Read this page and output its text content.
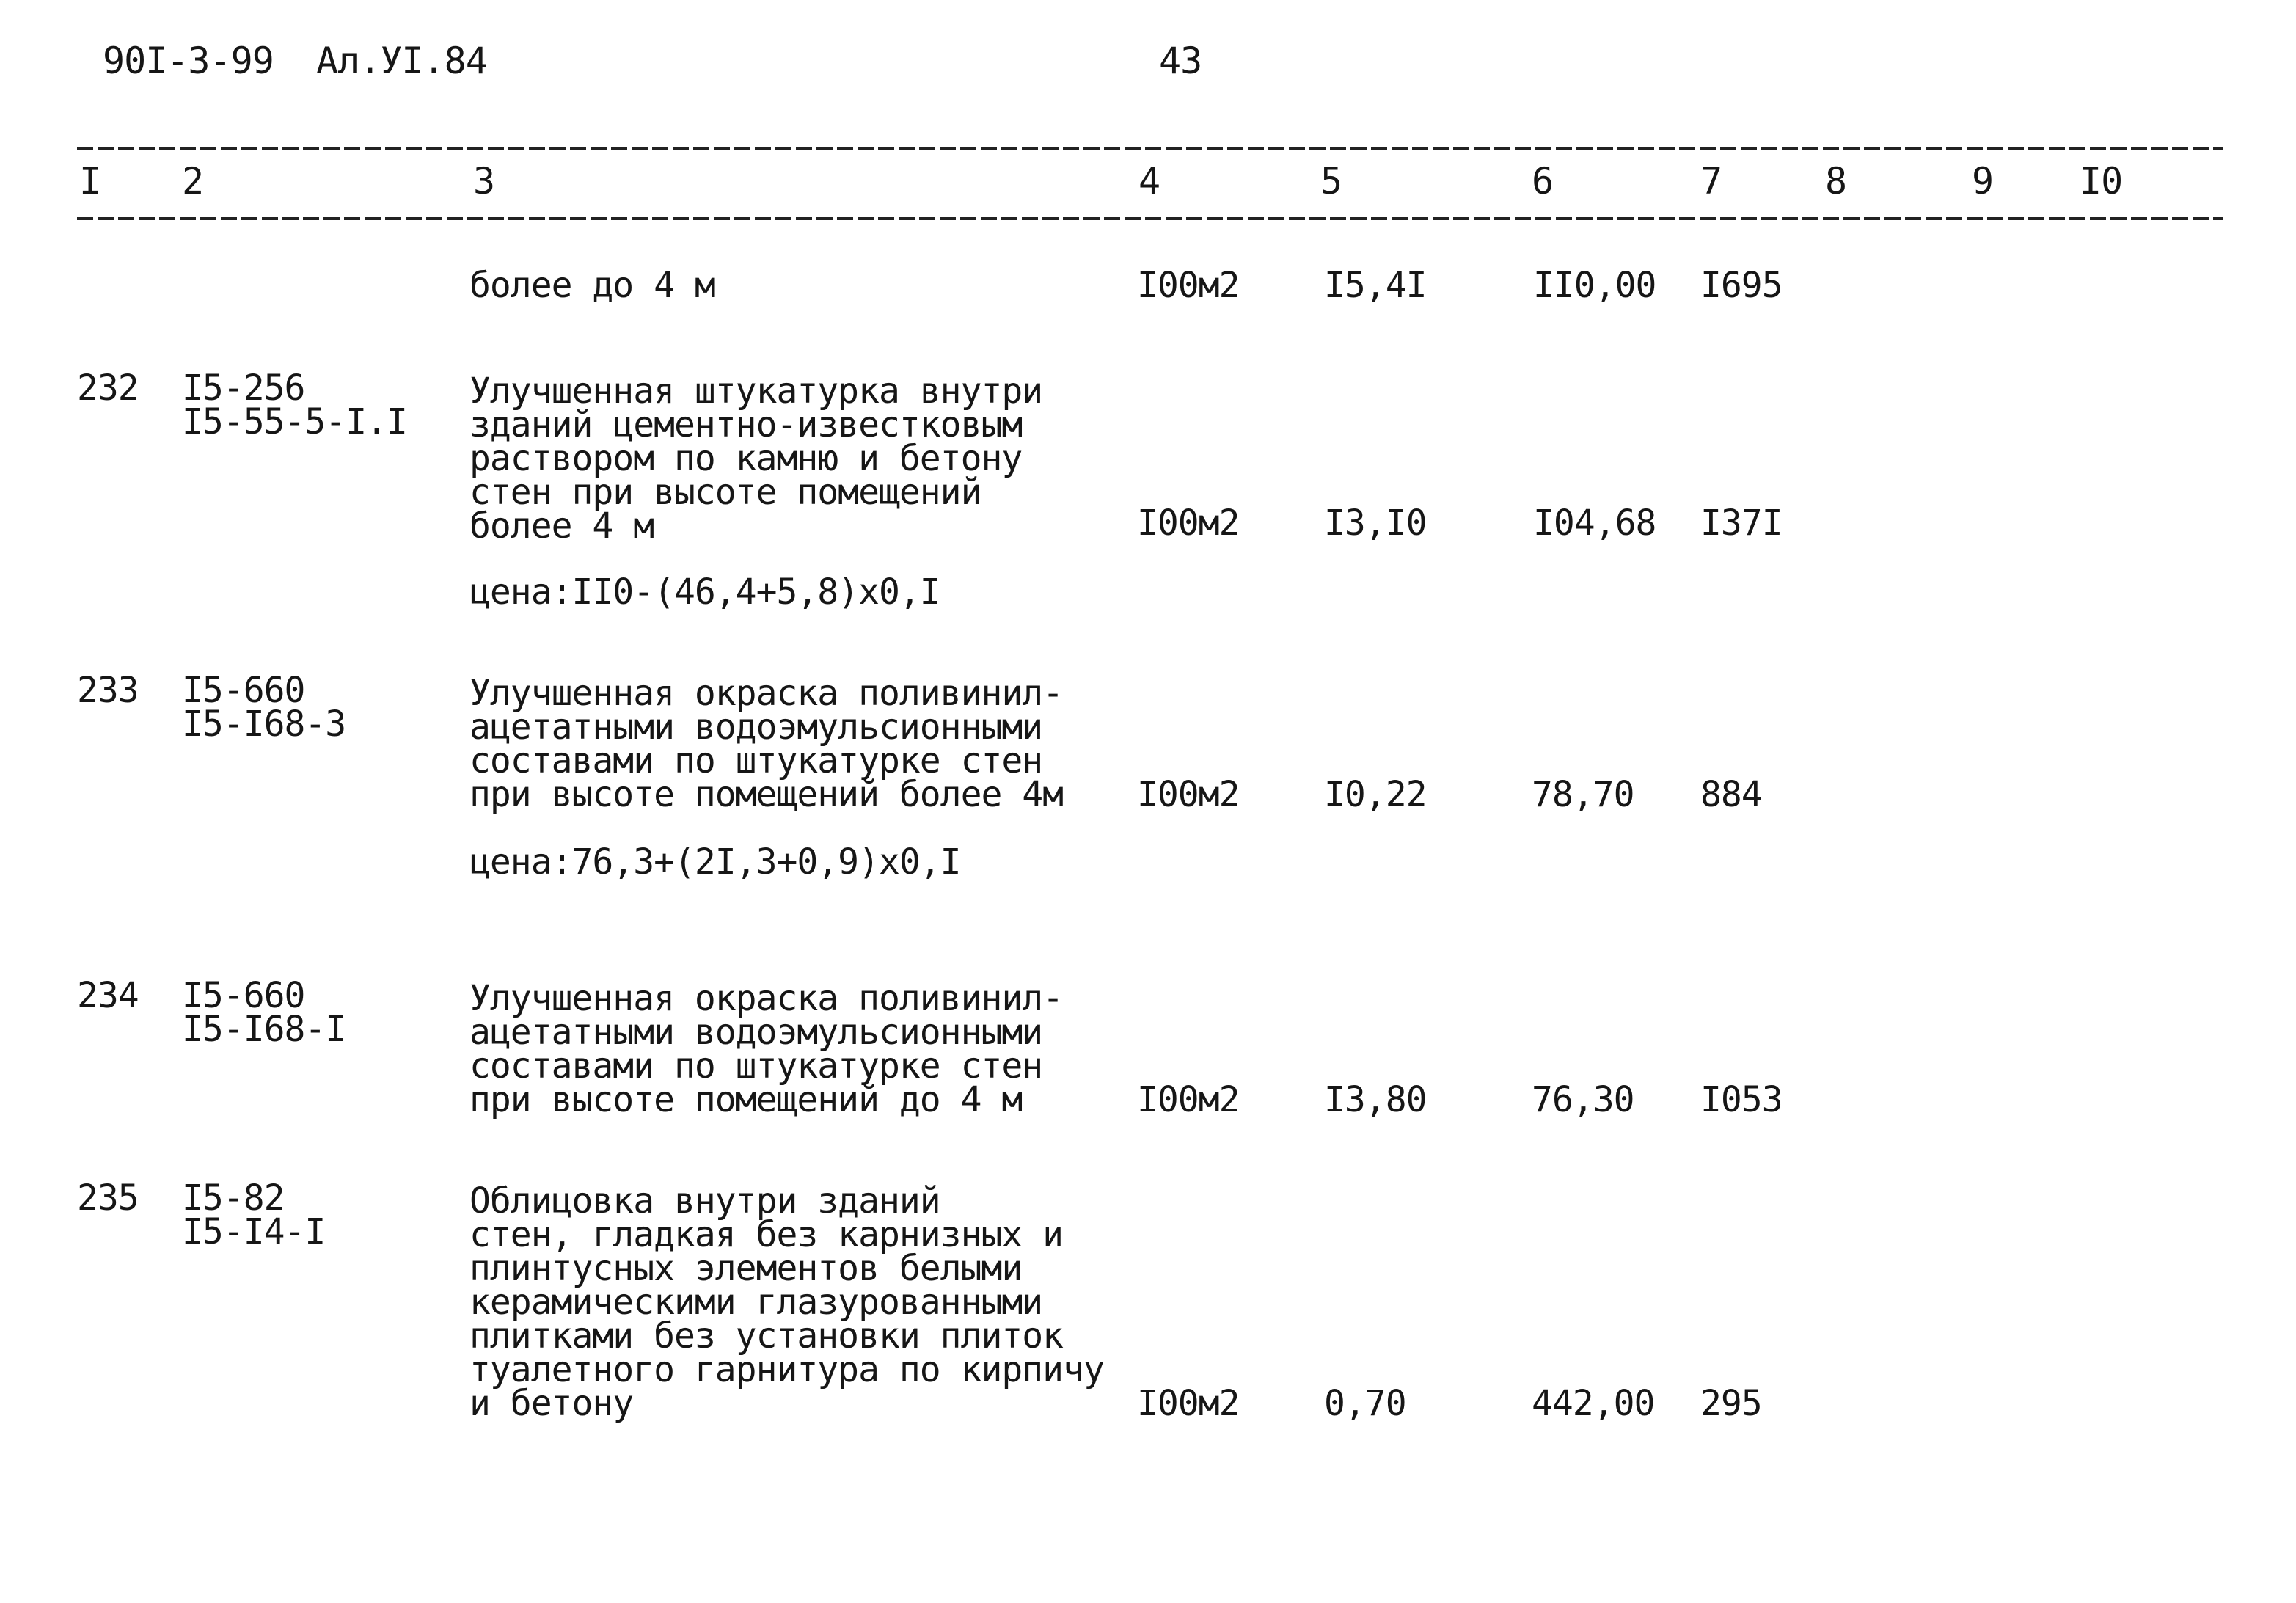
90I-3-99  Ал.УI.84	43
I 2	3	4	5	6	7	8	9 I0
более до 4 м	I00м2 I5,4I	II0,00 I695
232 I5-256
I5-55-5-I.I
Улучшенная штукатурка внутри
зданий цементно-известковым
раствором по камню и бетону
стен при высоте помещений
более 4 м	I00м2 I3,I0	I04,68 I37I
цена:II0-(46,4+5,8)x0,I
233 I5-660
I5-I68-3
Улучшенная окраска поливинил-
ацетатными водоэмульсионными
составами по штукатурке стен
при высоте помещений более 4м I00м2 I0,22	78,70 884
цена:76,3+(2I,3+0,9)x0,I
234 I5-660
I5-I68-I
Улучшенная окраска поливинил-
ацетатными водоэмульсионными
составами по штукатурке стен
при высоте помещений до 4 м	I00м2 I3,80	76,30 I053
235 I5-82
I5-I4-I
Облицовка внутри зданий
стен, гладкая без карнизных и
плинтусных элементов белыми
керамическими глазурованными
плитками без установки плиток
туалетного гарнитура по кирпичу
и бетону	I00м2 0,70	442,00 295
